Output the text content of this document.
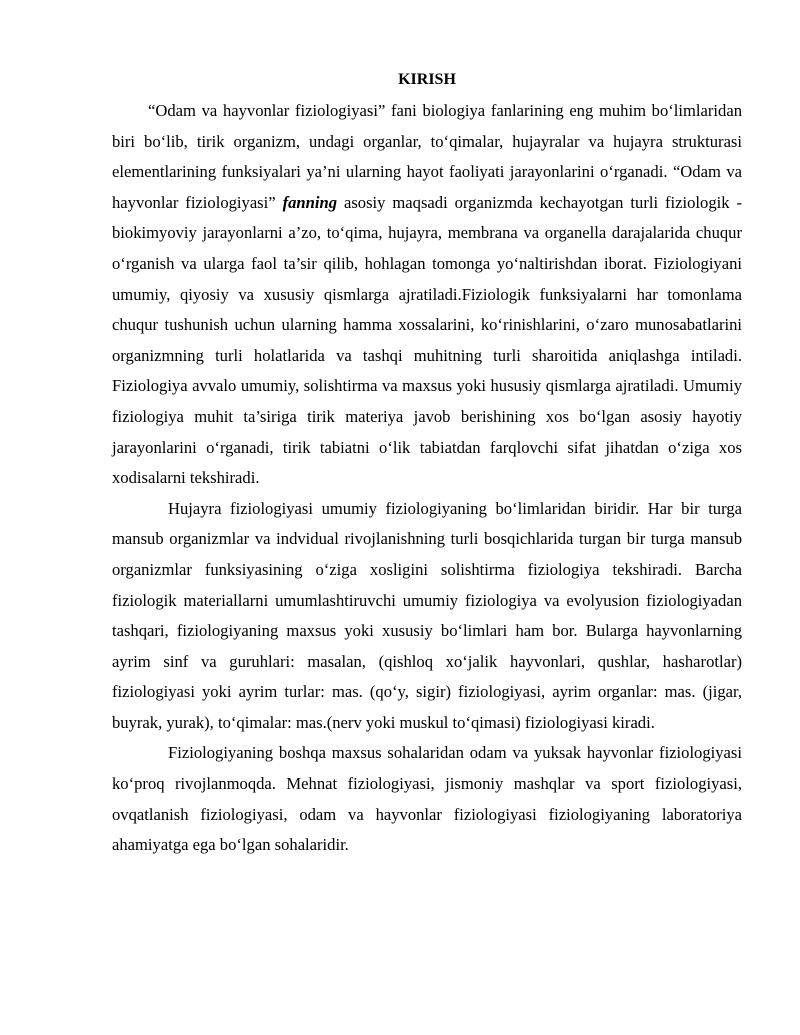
KIRISH

“Odam va hayvonlar fiziologiyasi” fani biologiya fanlarining eng muhim bo‘limlaridan biri bo‘lib, tirik organizm, undagi organlar, to‘qimalar, hujayralar va hujayra strukturasi elementlarining funksiyalari ya’ni ularning hayot faoliyati jarayonlarini o‘rganadi. “Odam va hayvonlar fiziologiyasi” fanning asosiy maqsadi organizmda kechayotgan turli fiziologik - biokimyoviy jarayonlarni a’zo, to‘qima, hujayra, membrana va organella darajalarida chuqur o‘rganish va ularga faol ta’sir qilib, hohlagan tomonga yo‘naltirishdan iborat. Fiziologiyani umumiy, qiyosiy va xususiy qismlarga ajratiladi.Fiziologik funksiyalarni har tomonlama chuqur tushunish uchun ularning hamma xossalarini, ko‘rinishlarini, o‘zaro munosabatlarini organizmning turli holatlarida va tashqi muhitning turli sharoitida aniqlashga intiladi. Fiziologiya avvalo umumiy, solishtirma va maxsus yoki hususiy qismlarga ajratiladi. Umumiy fiziologiya muhit ta’siriga tirik materiya javob berishining xos bo‘lgan asosiy hayotiy jarayonlarini o‘rganadi, tirik tabiatni o‘lik tabiatdan farqlovchi sifat jihatdan o‘ziga xos xodisalarni tekshiradi.

Hujayra fiziologiyasi umumiy fiziologiyaning bo‘limlaridan biridir. Har bir turga mansub organizmlar va indvidual rivojlanishning turli bosqichlarida turgan bir turga mansub organizmlar funksiyasining o‘ziga xosligini solishtirma fiziologiya tekshiradi. Barcha fiziologik materiallarni umumlashtiruvchi umumiy fiziologiya va evolyusion fiziologiyadan tashqari, fiziologiyaning maxsus yoki xususiy bo‘limlari ham bor. Bularga hayvonlarning ayrim sinf va guruhlari: masalan, (qishloq xo‘jalik hayvonlari, qushlar, hasharotlar) fiziologiyasi yoki ayrim turlar: mas. (qo‘y, sigir) fiziologiyasi, ayrim organlar: mas. (jigar, buyrak, yurak), to‘qimalar: mas.(nerv yoki muskul to‘qimasi) fiziologiyasi kiradi.

Fiziologiyaning boshqa maxsus sohalaridan odam va yuksak hayvonlar fiziologiyasi ko‘proq rivojlanmoqda. Mehnat fiziologiyasi, jismoniy mashqlar va sport fiziologiyasi, ovqatlanish fiziologiyasi, odam va hayvonlar fiziologiyasi fiziologiyaning laboratoriya ahamiyatga ega bo‘lgan sohalaridir.
